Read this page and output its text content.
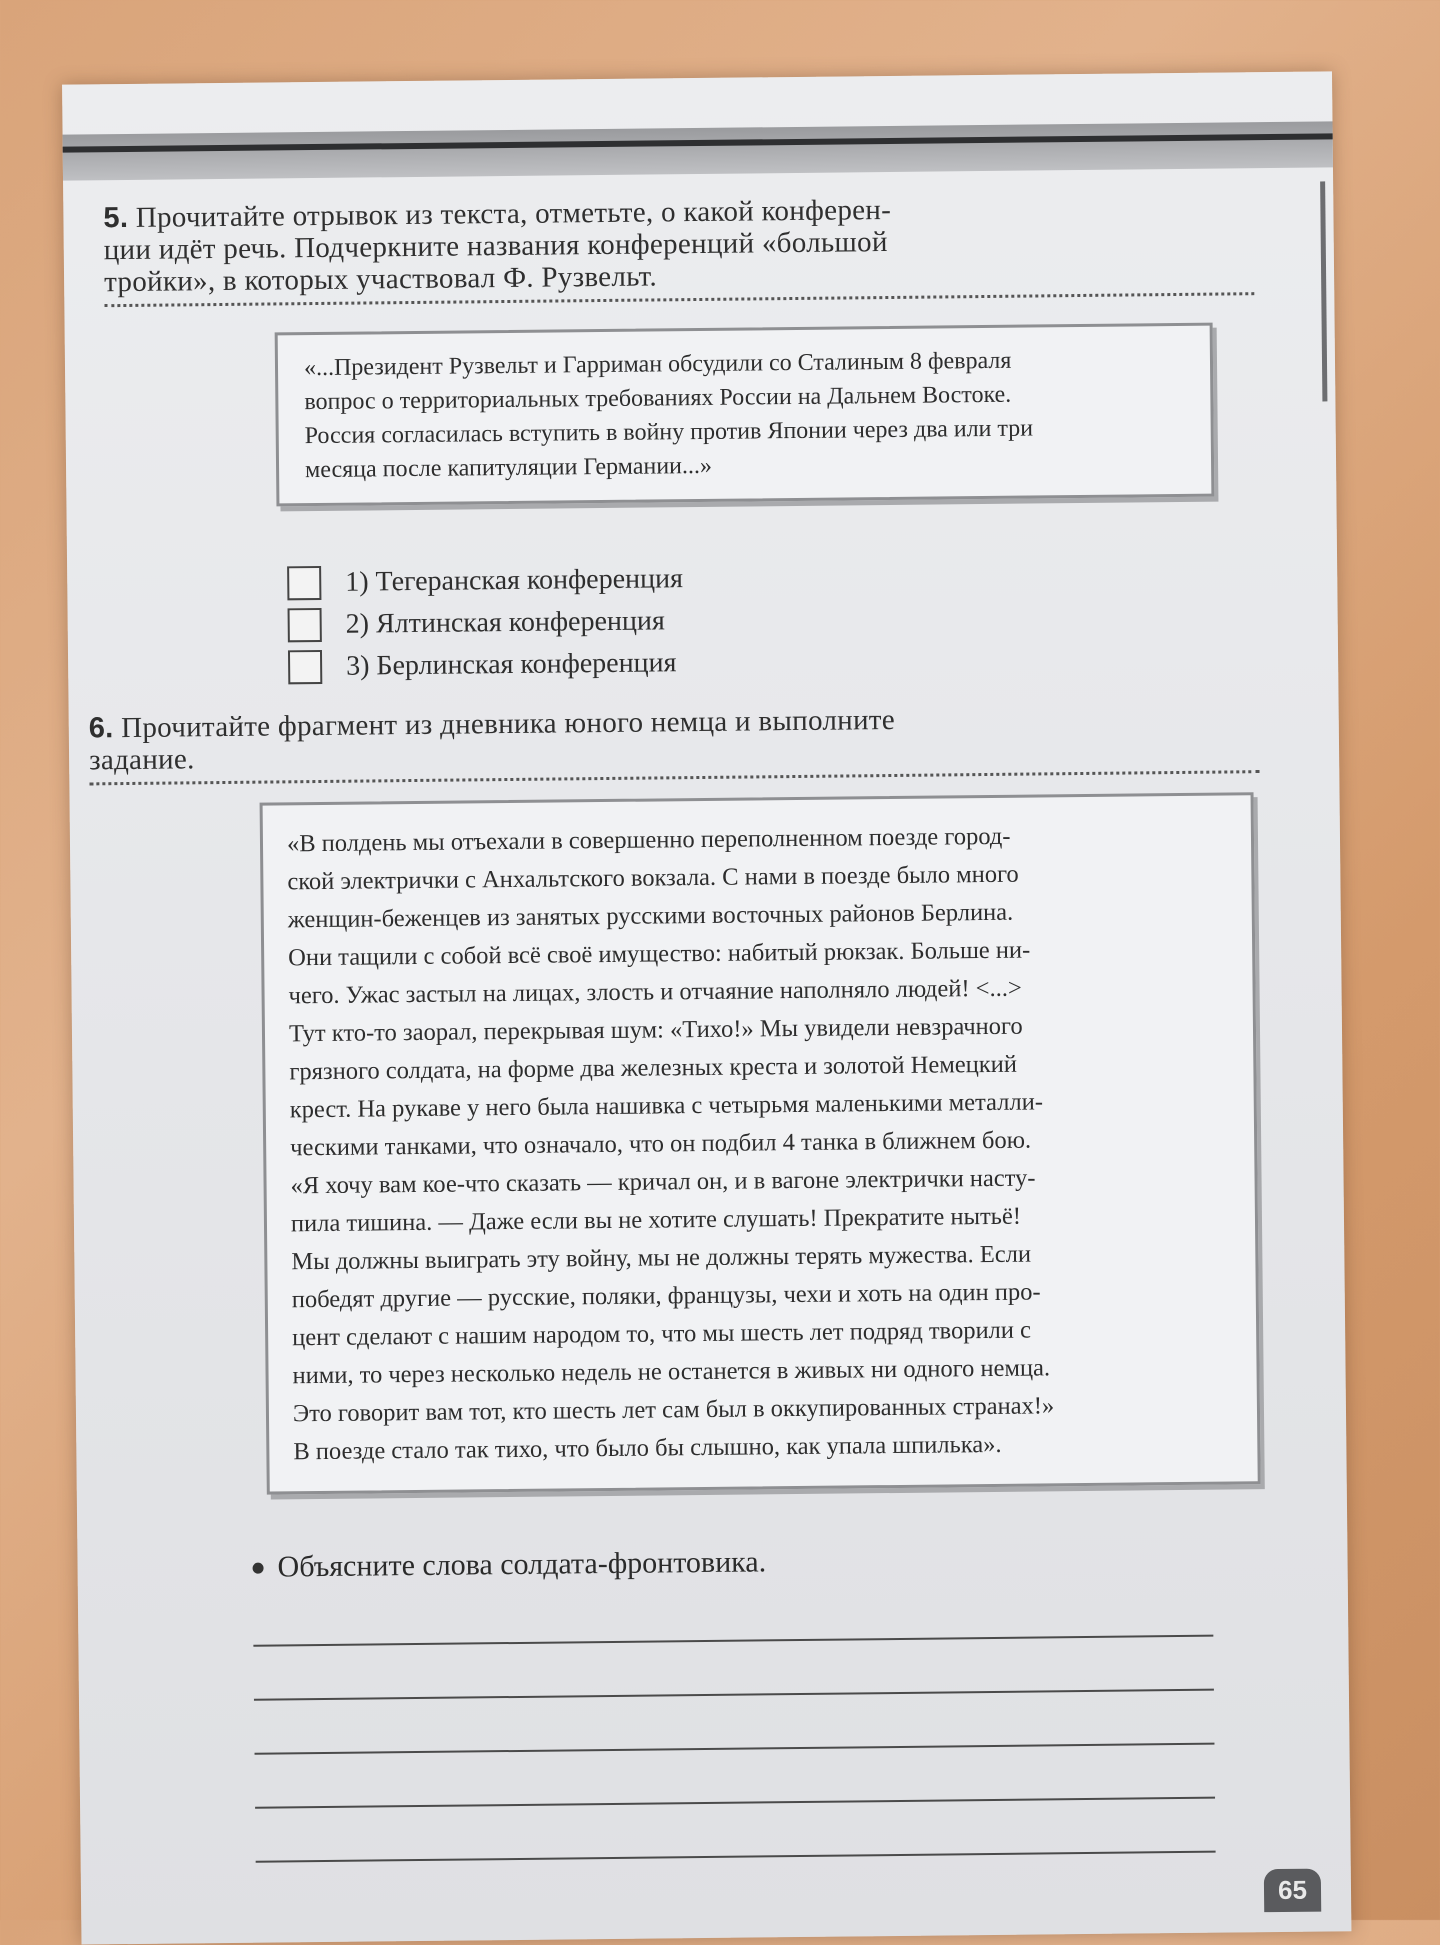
5. Прочитайте отрывок из текста, отметьте, о какой конферен-
ции идёт речь. Подчеркните названия конференций «большой
тройки», в которых участвовал Ф. Рузвельт.
«...Президент Рузвельт и Гарриман обсудили со Сталиным 8 февраля
вопрос о территориальных требованиях России на Дальнем Востоке.
Россия согласилась вступить в войну против Японии через два или три
месяца после капитуляции Германии...»
1) Тегеранская конференция
2) Ялтинская конференция
3) Берлинская конференция
6. Прочитайте фрагмент из дневника юного немца и выполните
задание.
«В полдень мы отъехали в совершенно переполненном поезде город-
ской электрички с Анхальтского вокзала. С нами в поезде было много
женщин-беженцев из занятых русскими восточных районов Берлина.
Они тащили с собой всё своё имущество: набитый рюкзак. Больше ни-
чего. Ужас застыл на лицах, злость и отчаяние наполняло людей! <...>
Тут кто-то заорал, перекрывая шум: «Тихо!» Мы увидели невзрачного
грязного солдата, на форме два железных креста и золотой Немецкий
крест. На рукаве у него была нашивка с четырьмя маленькими металли-
ческими танками, что означало, что он подбил 4 танка в ближнем бою.
«Я хочу вам кое-что сказать — кричал он, и в вагоне электрички насту-
пила тишина. — Даже если вы не хотите слушать! Прекратите нытьё!
Мы должны выиграть эту войну, мы не должны терять мужества. Если
победят другие — русские, поляки, французы, чехи и хоть на один про-
цент сделают с нашим народом то, что мы шесть лет подряд творили с
ними, то через несколько недель не останется в живых ни одного немца.
Это говорит вам тот, кто шесть лет сам был в оккупированных странах!»
В поезде стало так тихо, что было бы слышно, как упала шпилька».
Объясните слова солдата-фронтовика.
65
